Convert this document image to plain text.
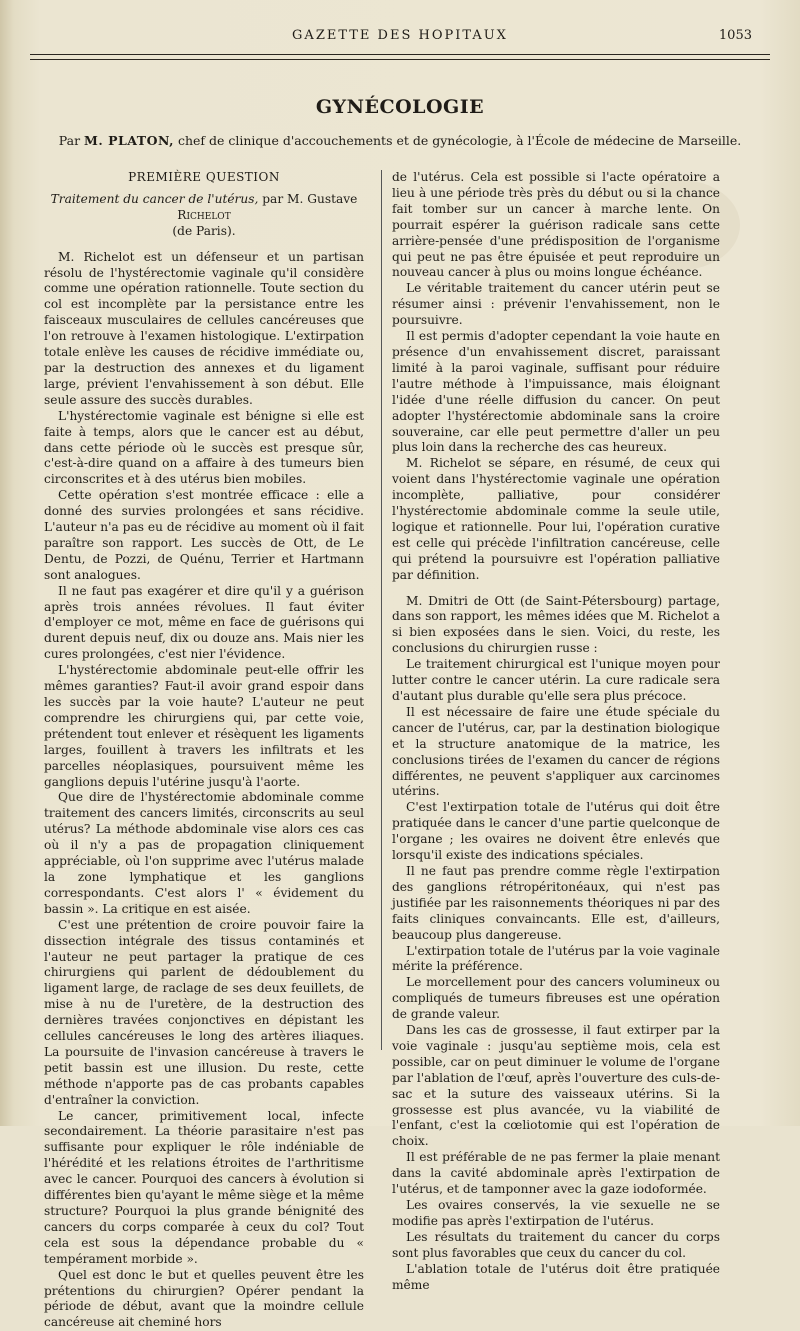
GAZETTE DES HOPITAUX	1053
GYNÉCOLOGIE
Par M. PLATON, chef de clinique d'accouchements et de gynécologie, à l'École de médecine de Marseille.
PREMIÈRE QUESTION
Traitement du cancer de l'utérus, par M. Gustave Richelot
(de Paris).

M. Richelot est un défenseur et un partisan résolu de l'hystérectomie vaginale qu'il considère comme une opération rationnelle. Toute section du col est incomplète par la persistance entre les faisceaux musculaires de cellules cancéreuses que l'on retrouve à l'examen histologique. L'extirpation totale enlève les causes de récidive immédiate ou, par la destruction des annexes et du ligament large, prévient l'envahissement à son début. Elle seule assure des succès durables.

L'hystérectomie vaginale est bénigne si elle est faite à temps, alors que le cancer est au début, dans cette période où le succès est presque sûr, c'est-à-dire quand on a affaire à des tumeurs bien circonscrites et à des utérus bien mobiles.

Cette opération s'est montrée efficace : elle a donné des survies prolongées et sans récidive. L'auteur n'a pas eu de récidive au moment où il fait paraître son rapport. Les succès de Ott, de Le Dentu, de Pozzi, de Quénu, Terrier et Hartmann sont analogues.

Il ne faut pas exagérer et dire qu'il y a guérison après trois années révolues. Il faut éviter d'employer ce mot, même en face de guérisons qui durent depuis neuf, dix ou douze ans. Mais nier les cures prolongées, c'est nier l'évidence.

L'hystérectomie abdominale peut-elle offrir les mêmes garanties? Faut-il avoir grand espoir dans les succès par la voie haute? L'auteur ne peut comprendre les chirurgiens qui, par cette voie, prétendent tout enlever et résèquent les ligaments larges, fouillent à travers les infiltrats et les parcelles néoplasiques, poursuivent même les ganglions depuis l'utérine jusqu'à l'aorte.

Que dire de l'hystérectomie abdominale comme traitement des cancers limités, circonscrits au seul utérus? La méthode abdominale vise alors ces cas où il n'y a pas de propagation cliniquement appréciable, où l'on supprime avec l'utérus malade la zone lymphatique et les ganglions correspondants. C'est alors l' « évidement du bassin ». La critique en est aisée.

C'est une prétention de croire pouvoir faire la dissection intégrale des tissus contaminés et l'auteur ne peut partager la pratique de ces chirurgiens qui parlent de dédoublement du ligament large, de raclage de ses deux feuillets, de mise à nu de l'uretère, de la destruction des dernières travées conjonctives en dépistant les cellules cancéreuses le long des artères iliaques. La poursuite de l'invasion cancéreuse à travers le petit bassin est une illusion. Du reste, cette méthode n'apporte pas de cas probants capables d'entraîner la conviction.

Le cancer, primitivement local, infecte secondairement. La théorie parasitaire n'est pas suffisante pour expliquer le rôle indéniable de l'hérédité et les relations étroites de l'arthritisme avec le cancer. Pourquoi des cancers à évolution si différentes bien qu'ayant le même siège et la même structure? Pourquoi la plus grande bénignité des cancers du corps comparée à ceux du col? Tout cela est sous la dépendance probable du « tempérament morbide ».

Quel est donc le but et quelles peuvent être les prétentions du chirurgien? Opérer pendant la période de début, avant que la moindre cellule cancéreuse ait cheminé hors

de l'utérus. Cela est possible si l'acte opératoire a lieu à une période très près du début ou si la chance fait tomber sur un cancer à marche lente. On pourrait espérer la guérison radicale sans cette arrière-pensée d'une prédisposition de l'organisme qui peut ne pas être épuisée et peut reproduire un nouveau cancer à plus ou moins longue échéance.

Le véritable traitement du cancer utérin peut se résumer ainsi : prévenir l'envahissement, non le poursuivre.

Il est permis d'adopter cependant la voie haute en présence d'un envahissement discret, paraissant limité à la paroi vaginale, suffisant pour réduire l'autre méthode à l'impuissance, mais éloignant l'idée d'une réelle diffusion du cancer. On peut adopter l'hystérectomie abdominale sans la croire souveraine, car elle peut permettre d'aller un peu plus loin dans la recherche des cas heureux.

M. Richelot se sépare, en résumé, de ceux qui voient dans l'hystérectomie vaginale une opération incomplète, palliative, pour considérer l'hystérectomie abdominale comme la seule utile, logique et rationnelle. Pour lui, l'opération curative est celle qui précède l'infiltration cancéreuse, celle qui prétend la poursuivre est l'opération palliative par définition.

M. Dmitri de Ott (de Saint-Pétersbourg) partage, dans son rapport, les mêmes idées que M. Richelot a si bien exposées dans le sien. Voici, du reste, les conclusions du chirurgien russe :

Le traitement chirurgical est l'unique moyen pour lutter contre le cancer utérin. La cure radicale sera d'autant plus durable qu'elle sera plus précoce.

Il est nécessaire de faire une étude spéciale du cancer de l'utérus, car, par la destination biologique et la structure anatomique de la matrice, les conclusions tirées de l'examen du cancer de régions différentes, ne peuvent s'appliquer aux carcinomes utérins.

C'est l'extirpation totale de l'utérus qui doit être pratiquée dans le cancer d'une partie quelconque de l'organe ; les ovaires ne doivent être enlevés que lorsqu'il existe des indications spéciales.

Il ne faut pas prendre comme règle l'extirpation des ganglions rétropéritonéaux, qui n'est pas justifiée par les raisonnements théoriques ni par des faits cliniques convaincants. Elle est, d'ailleurs, beaucoup plus dangereuse.

L'extirpation totale de l'utérus par la voie vaginale mérite la préférence.

Le morcellement pour des cancers volumineux ou compliqués de tumeurs fibreuses est une opération de grande valeur.

Dans les cas de grossesse, il faut extirper par la voie vaginale : jusqu'au septième mois, cela est possible, car on peut diminuer le volume de l'organe par l'ablation de l'œuf, après l'ouverture des culs-de-sac et la suture des vaisseaux utérins. Si la grossesse est plus avancée, vu la viabilité de l'enfant, c'est la cœliotomie qui est l'opération de choix.

Il est préférable de ne pas fermer la plaie menant dans la cavité abdominale après l'extirpation de l'utérus, et de tamponner avec la gaze iodoformée.

Les ovaires conservés, la vie sexuelle ne se modifie pas après l'extirpation de l'utérus.

Les résultats du traitement du cancer du corps sont plus favorables que ceux du cancer du col.

L'ablation totale de l'utérus doit être pratiquée même
